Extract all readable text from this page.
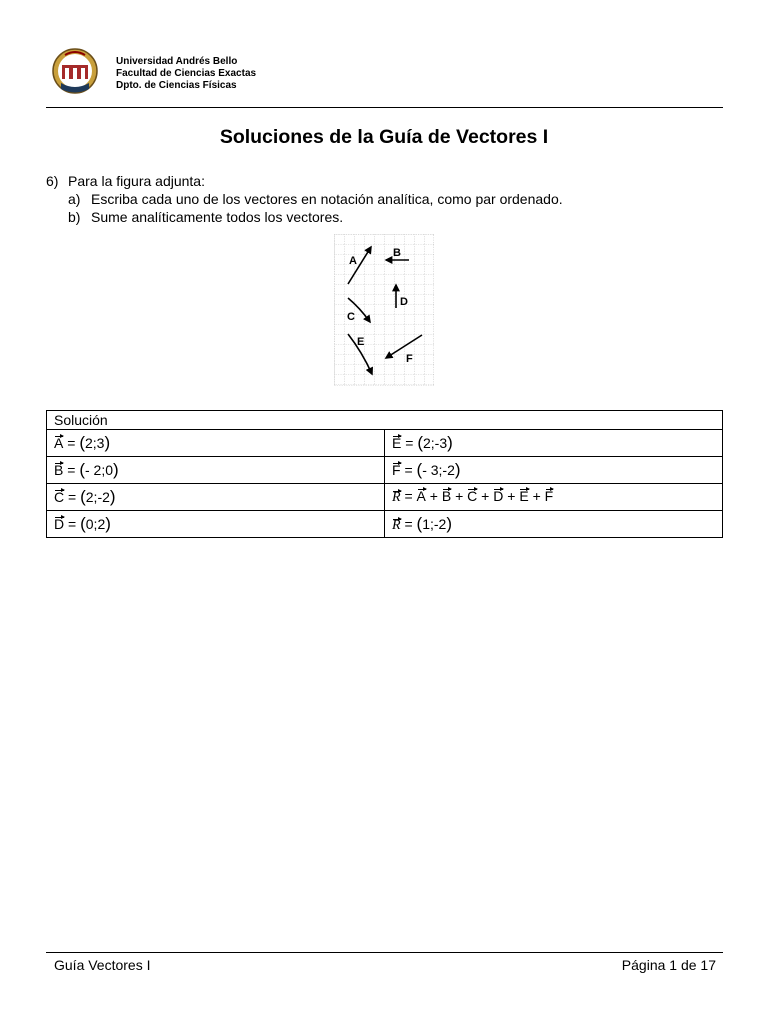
Universidad Andrés Bello
Facultad de Ciencias Exactas
Dpto. de Ciencias Físicas
Soluciones de la Guía de Vectores I
6) Para la figura adjunta:
a) Escriba cada uno de los vectores en notación analítica, como par ordenado.
b) Sume analíticamente todos los vectores.
A
B
C
D
E
F
Solución	
A = (2;3)	E = (2;-3)
B = (- 2;0)	F = (- 3;-2)
C = (2;-2)	R = A + B + C + D + E + F
D = (0;2)	R = (1;-2)
Guía Vectores I	Página 1 de 17
